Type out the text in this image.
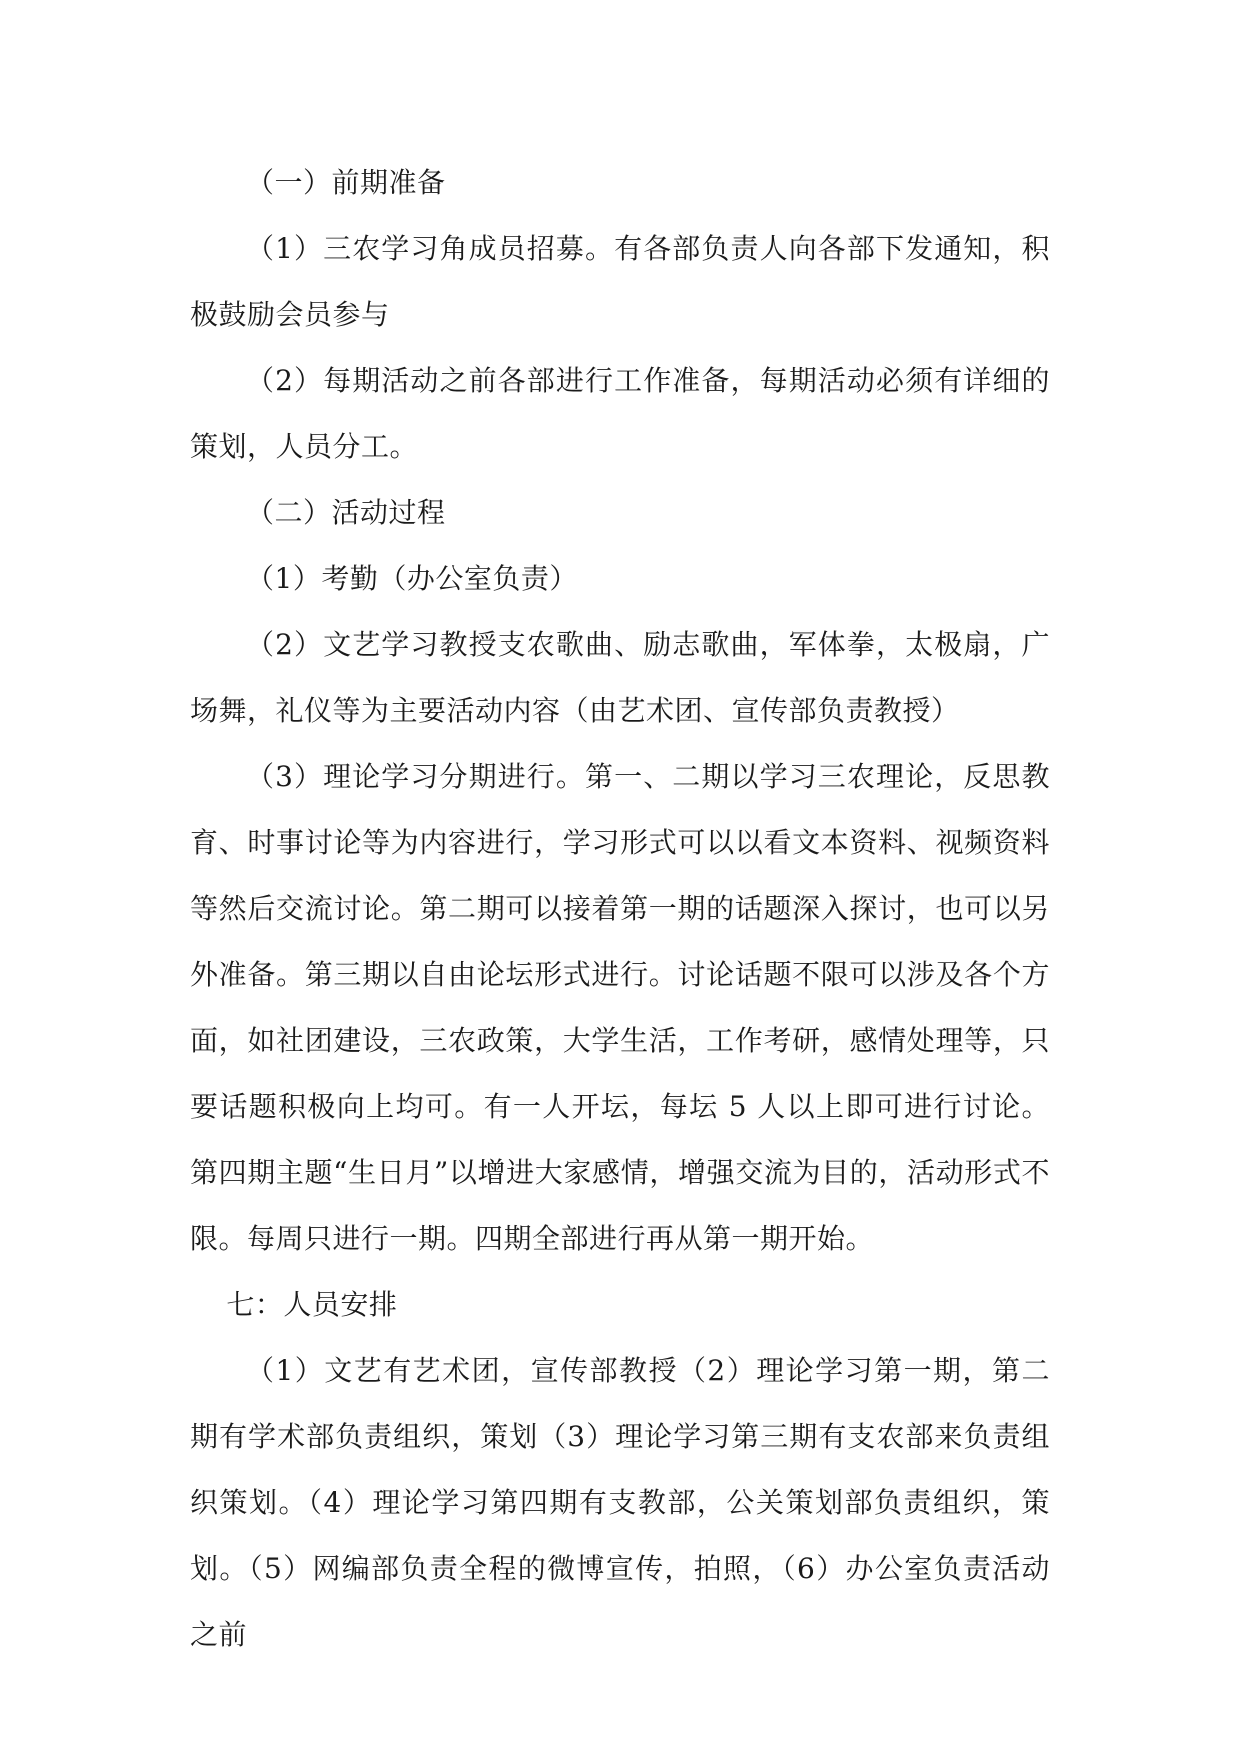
（一）前期准备

（1）三农学习角成员招募。有各部负责人向各部下发通知，积极鼓励会员参与

（2）每期活动之前各部进行工作准备，每期活动必须有详细的策划，人员分工。

（二）活动过程

（1）考勤（办公室负责）

（2）文艺学习教授支农歌曲、励志歌曲，军体拳，太极扇，广场舞，礼仪等为主要活动内容（由艺术团、宣传部负责教授）

（3）理论学习分期进行。第一、二期以学习三农理论，反思教育、时事讨论等为内容进行，学习形式可以以看文本资料、视频资料等然后交流讨论。第二期可以接着第一期的话题深入探讨，也可以另外准备。第三期以自由论坛形式进行。讨论话题不限可以涉及各个方面，如社团建设，三农政策，大学生活，工作考研，感情处理等，只要话题积极向上均可。有一人开坛，每坛 5 人以上即可进行讨论。第四期主题“生日月”以增进大家感情，增强交流为目的，活动形式不限。每周只进行一期。四期全部进行再从第一期开始。

七：人员安排

（1）文艺有艺术团，宣传部教授（2）理论学习第一期，第二期有学术部负责组织，策划（3）理论学习第三期有支农部来负责组织策划。（4）理论学习第四期有支教部，公关策划部负责组织，策划。（5）网编部负责全程的微博宣传，拍照，（6）办公室负责活动之前
